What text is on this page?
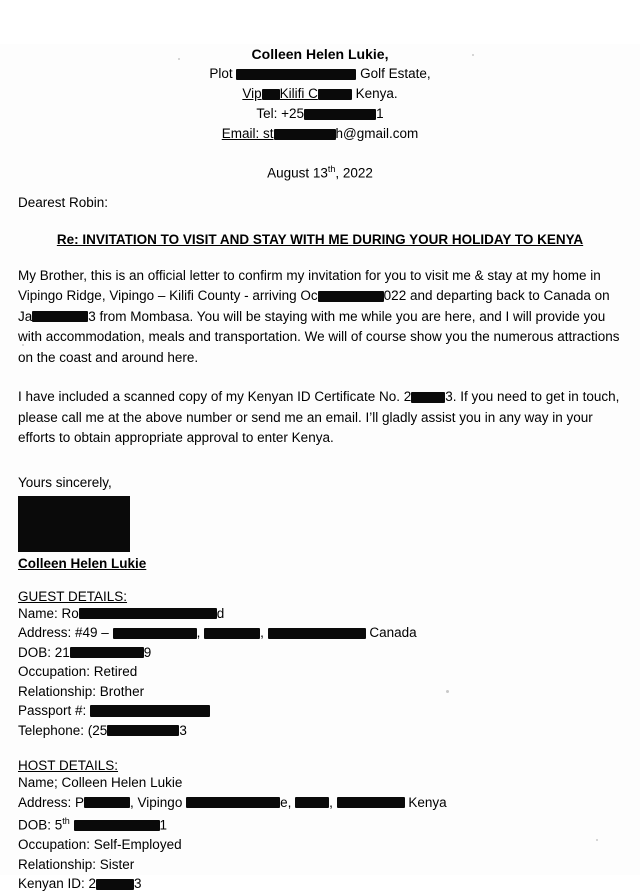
Colleen Helen Lukie,
Plot	Golf Estate,
Vip Kilifi C	Kenya.
Tel: +25	1
Email: st	h@gmail.com
August 13th, 2022
Dearest Robin:
Re: INVITATION TO VISIT AND STAY WITH ME DURING YOUR HOLIDAY TO KENYA

My Brother, this is an official letter to confirm my invitation for you to visit me & stay at my home in Vipingo Ridge, Vipingo – Kilifi County - arriving Oc	022 and departing back to Canada on Ja	3 from Mombasa. You will be staying with me while you are here, and I will provide you with accommodation, meals and transportation. We will of course show you the numerous attractions on the coast and around here.

I have included a scanned copy of my Kenyan ID Certificate No. 2	3. If you need to get in touch, please call me at the above number or send me an email. I’ll gladly assist you in any way in your efforts to obtain appropriate approval to enter Kenya.

Yours sincerely,
Colleen Helen Lukie
GUEST DETAILS:
Name: Ro	d
Address: #49 –	,	,	Canada
DOB: 21	9
Occupation: Retired
Relationship: Brother
Passport #:
Telephone: (25	3
HOST DETAILS:
Name; Colleen Helen Lukie
Address: P	, Vipingo	e,	,	Kenya
DOB: 5th	1
Occupation: Self-Employed
Relationship: Sister
Kenyan ID: 2	3
